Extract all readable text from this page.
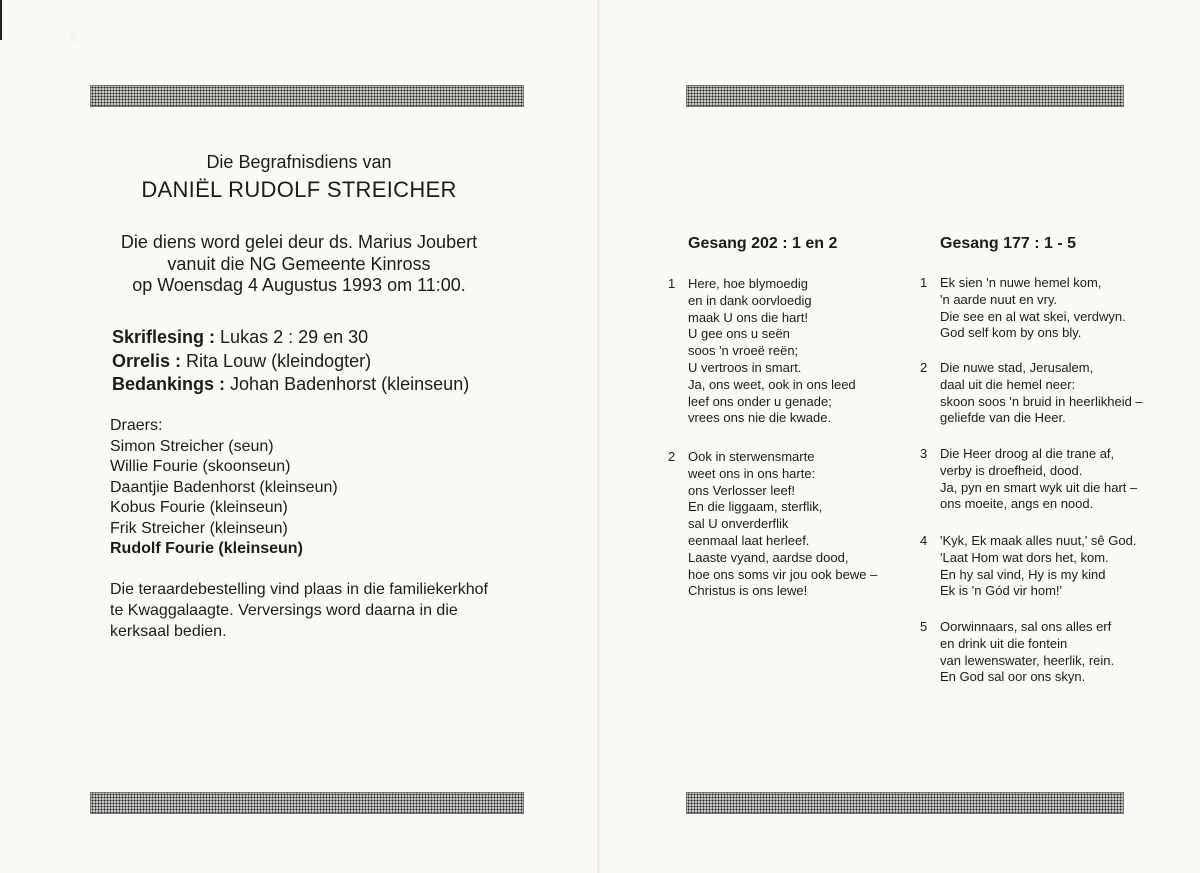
▒
Die Begrafnisdiens van
DANIËL RUDOLF STREICHER
Die diens word gelei deur ds. Marius Joubert
vanuit die NG Gemeente Kinross
op Woensdag 4 Augustus 1993 om 11:00.
Skriflesing : Lukas 2 : 29 en 30
Orrelis : Rita Louw (kleindogter)
Bedankings : Johan Badenhorst (kleinseun)
Draers:
Simon Streicher (seun)
Willie Fourie (skoonseun)
Daantjie Badenhorst (kleinseun)
Kobus Fourie (kleinseun)
Frik Streicher (kleinseun)
Rudolf Fourie (kleinseun)
Die teraardebestelling vind plaas in die familiekerkhof
te Kwaggalaagte. Verversings word daarna in die
kerksaal bedien.
Gesang 202 : 1 en 2	Gesang 177 : 1 - 5
1 Here, hoe blymoedig
en in dank oorvloedig
maak U ons die hart!
U gee ons u seën
soos 'n vroeë reën;
U vertroos in smart.
Ja, ons weet, ook in ons leed
leef ons onder u genade;
vrees ons nie die kwade.
2 Ook in sterwensmarte
weet ons in ons harte:
ons Verlosser leef!
En die liggaam, sterflik,
sal U onverderflik
eenmaal laat herleef.
Laaste vyand, aardse dood,
hoe ons soms vir jou ook bewe –
Christus is ons lewe!
1 Ek sien 'n nuwe hemel kom,
'n aarde nuut en vry.
Die see en al wat skei, verdwyn.
God self kom by ons bly.
2 Die nuwe stad, Jerusalem,
daal uit die hemel neer:
skoon soos 'n bruid in heerlikheid –
geliefde van die Heer.
3 Die Heer droog al die trane af,
verby is droefheid, dood.
Ja, pyn en smart wyk uit die hart –
ons moeite, angs en nood.
4 'Kyk, Ek maak alles nuut,' sê God.
'Laat Hom wat dors het, kom.
En hy sal vind, Hy is my kind
Ek is 'n Gód vir hom!'
5 Oorwinnaars, sal ons alles erf
en drink uit die fontein
van lewenswater, heerlik, rein.
En God sal oor ons skyn.
